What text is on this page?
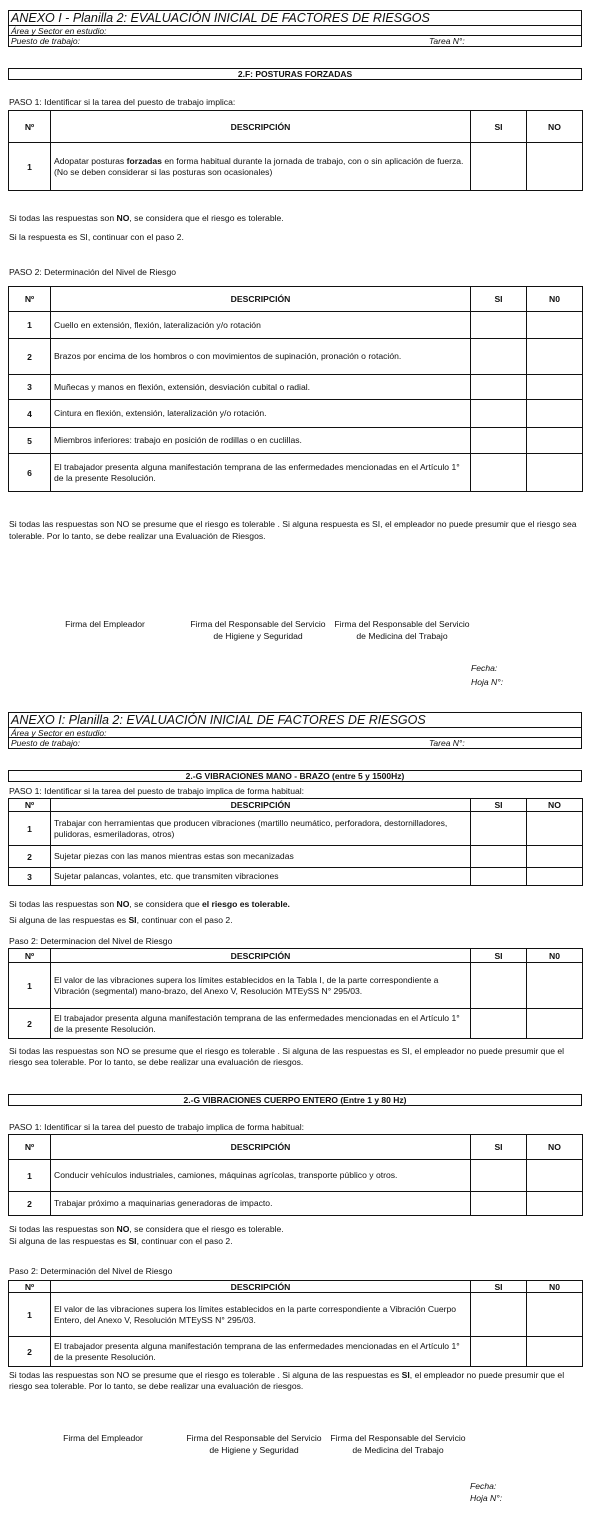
ANEXO I - Planilla 2: EVALUACIÓN INICIAL DE FACTORES DE RIESGOS
Área y Sector en estudio:
Puesto de trabajo:	Tarea N°:
2.F: POSTURAS FORZADAS
PASO 1: Identificar si la tarea del puesto de trabajo implica:
Nº	DESCRIPCIÓN	SI	NO
1	Adopatar posturas forzadas en forma habitual durante la jornada de trabajo, con o sin aplicación de fuerza. (No se deben considerar si las posturas son ocasionales)		
Si todas las respuestas son NO, se considera que el riesgo es tolerable.
Si la respuesta es SI, continuar con el paso 2.
PASO 2: Determinación del Nivel de Riesgo
Nº	DESCRIPCIÓN	SI	N0
1	Cuello en extensión, flexión, lateralización y/o rotación		
2	Brazos por encima de los hombros o con movimientos de supinación, pronación o rotación.		
3	Muñecas y manos en flexión, extensión, desviación cubital o radial.		
4	Cintura en flexión, extensión, lateralización y/o rotación.		
5	Miembros inferiores: trabajo en posición de rodillas o en cuclillas.		
6	El trabajador presenta alguna manifestación temprana de las enfermedades mencionadas en el Artículo 1° de la presente Resolución.		
Si todas las respuestas son NO se presume que el riesgo es tolerable . Si alguna respuesta es SI, el empleador no puede presumir que el riesgo sea tolerable. Por lo tanto, se debe realizar una Evaluación de Riesgos.
Firma del Empleador	Firma del Responsable del Servicio de Higiene y Seguridad
Firma del Responsable del Servicio de Medicina del Trabajo
Fecha:
Hoja N°:
ANEXO I: Planilla 2: EVALUACIÓN INICIAL DE FACTORES DE RIESGOS
Área y Sector en estudio:
Puesto de trabajo:	Tarea N°:
2.-G VIBRACIONES MANO - BRAZO (entre 5 y 1500Hz)
PASO 1: Identificar si la tarea del puesto de trabajo implica de forma habitual:
Nº	DESCRIPCIÓN	SI	NO
1	Trabajar con herramientas que producen vibraciones (martillo neumático, perforadora, destornilladores, pulidoras, esmeriladoras, otros)		
2	Sujetar piezas con las manos mientras estas son mecanizadas		
3	Sujetar palancas, volantes, etc. que transmiten vibraciones		
Si todas las respuestas son NO, se considera que el riesgo es tolerable.
Si alguna de las respuestas es SI, continuar con el paso 2.
Paso 2: Determinacion del Nivel de Riesgo
Nº	DESCRIPCIÓN	SI	N0
1	El valor de las vibraciones supera los límites establecidos en la Tabla I, de la parte correspondiente a Vibración (segmental) mano-brazo, del Anexo V, Resolución MTEySS N° 295/03.		
2	El trabajador presenta alguna manifestación temprana de las enfermedades mencionadas en el Artículo 1° de la presente Resolución.		
Si todas las respuestas son NO se presume que el riesgo es tolerable . Si alguna de las respuestas es SI, el empleador no puede presumir que el riesgo sea tolerable. Por lo tanto, se debe realizar una evaluación de riesgos.
2.-G VIBRACIONES CUERPO ENTERO (Entre 1 y 80 Hz)
PASO 1: Identificar si la tarea del puesto de trabajo implica de forma habitual:
Nº	DESCRIPCIÓN	SI	NO
1	Conducir vehículos industriales, camiones, máquinas agrícolas, transporte público y otros.		
2	Trabajar próximo a maquinarias generadoras de impacto.		
Si todas las respuestas son NO, se considera que el riesgo es tolerable.
Si alguna de las respuestas es SI, continuar con el paso 2.
Paso 2: Determinación del Nivel de Riesgo
Nº	DESCRIPCIÓN	SI	N0
1	El valor de las vibraciones supera los límites establecidos en la parte correspondiente a Vibración Cuerpo Entero, del Anexo V, Resolución MTEySS N° 295/03.		
2	El trabajador presenta alguna manifestación temprana de las enfermedades mencionadas en el Artículo 1° de la presente Resolución.		
Si todas las respuestas son NO se presume que el riesgo es tolerable . Si alguna de las respuestas es SI, el empleador no puede presumir que el riesgo sea tolerable. Por lo tanto, se debe realizar una evaluación de riesgos.
Firma del Empleador	Firma del Responsable del Servicio de Higiene y Seguridad
Firma del Responsable del Servicio de Medicina del Trabajo
Fecha:
Hoja N°:
